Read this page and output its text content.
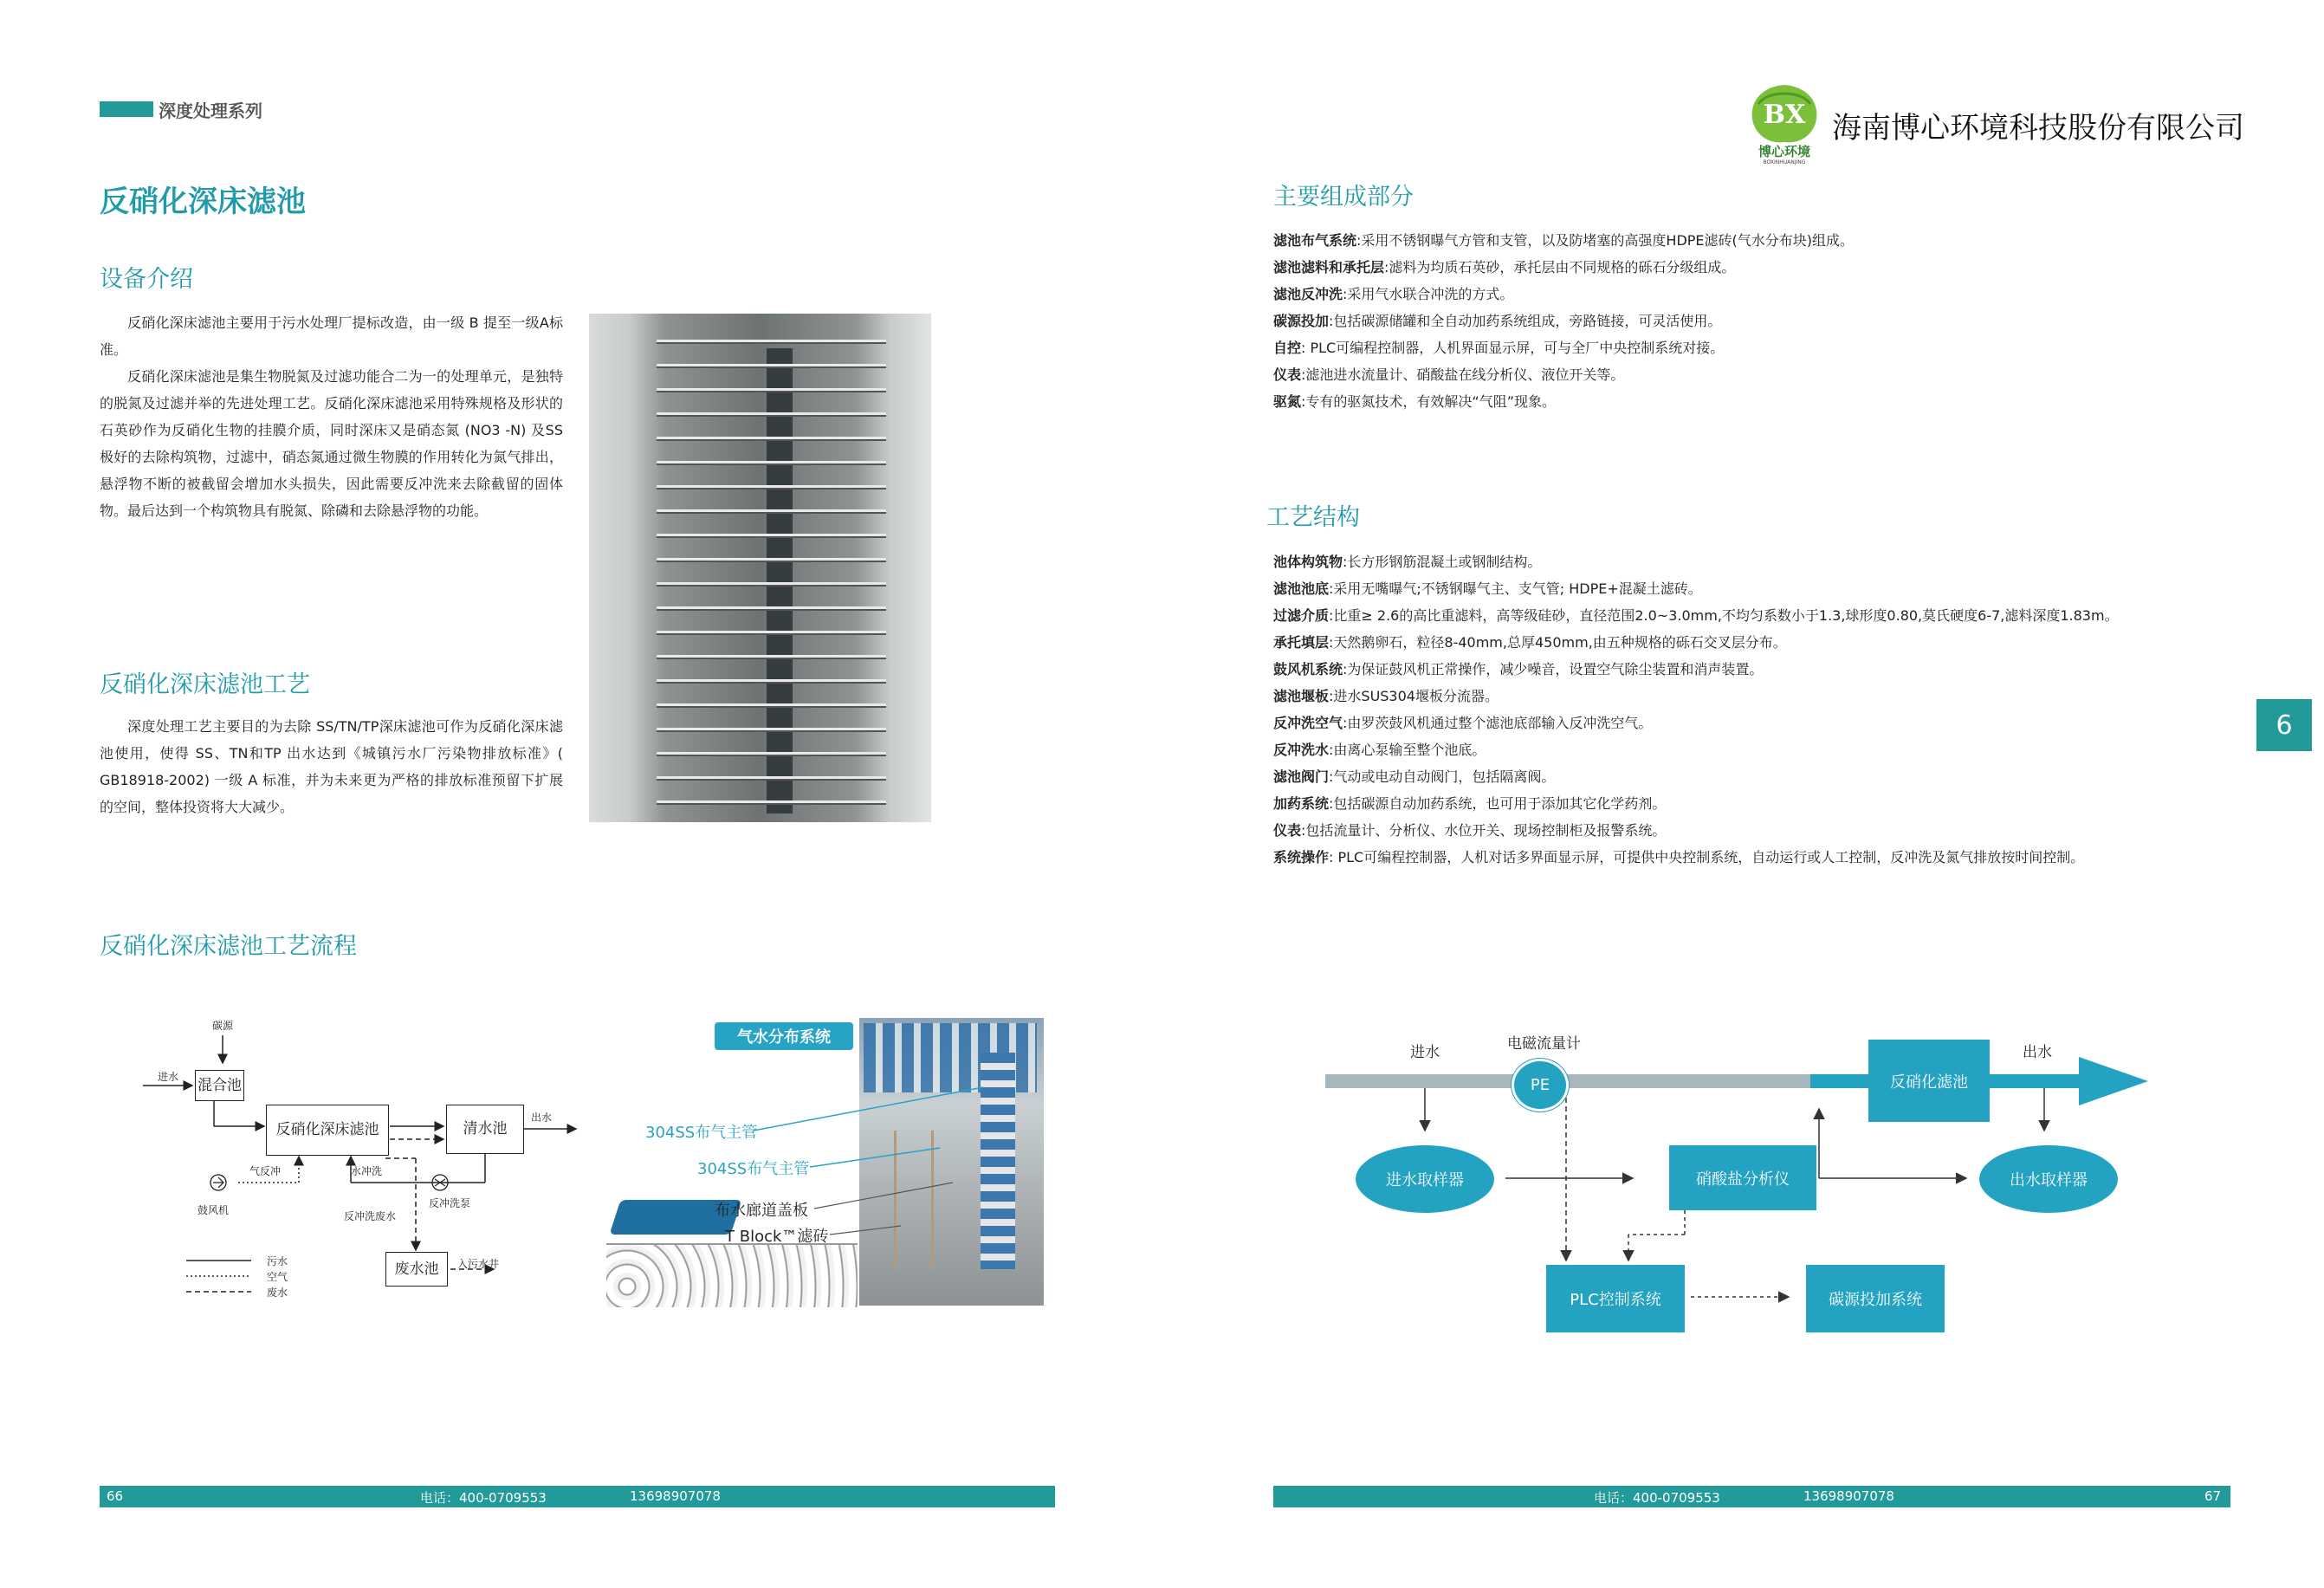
深度处理系列	BX
博心环境
BOXINHUANJING
海南博心环境科技股份有限公司
反硝化深床滤池
设备介绍

反硝化深床滤池主要用于污水处理厂提标改造，由一级 B 提至一级A标准。

反硝化深床滤池是集生物脱氮及过滤功能合二为一的处理单元，是独特的脱氮及过滤并举的先进处理工艺。反硝化深床滤池采用特殊规格及形状的石英砂作为反硝化生物的挂膜介质，同时深床又是硝态氮 (NO3 -N) 及SS 极好的去除构筑物，过滤中，硝态氮通过微生物膜的作用转化为氮气排出，悬浮物不断的被截留会增加水头损失，因此需要反冲洗来去除截留的固体物。最后达到一个构筑物具有脱氮、除磷和去除悬浮物的功能。

反硝化深床滤池工艺

深度处理工艺主要目的为去除 SS/TN/TP深床滤池可作为反硝化深床滤池使用，使得 SS、TN和TP 出水达到《城镇污水厂污染物排放标准》( GB18918-2002) 一级 A 标准，并为未来更为严格的排放标准预留下扩展的空间，整体投资将大大减少。

反硝化深床滤池工艺流程
碳源
进水 混合池
反硝化深床滤池	清水池
出水
气反冲	水冲洗
鼓风机
反冲洗泵
反冲洗废水
废水池	入污水井
污水
空气
废水
气水分布系统
304SS布气主管
304SS布气主管
布水廊道盖板
T Block™滤砖
66	电话：400-0709553	13698907078
主要组成部分
滤池布气系统:采用不锈钢曝气方管和支管，以及防堵塞的高强度HDPE滤砖(气水分布块)组成。
滤池滤料和承托层:滤料为均质石英砂，承托层由不同规格的砾石分级组成。
滤池反冲洗:采用气水联合冲洗的方式。
碳源投加:包括碳源储罐和全自动加药系统组成，旁路链接，可灵活使用。
自控: PLC可编程控制器，人机界面显示屏，可与全厂中央控制系统对接。
仪表:滤池进水流量计、硝酸盐在线分析仪、液位开关等。
驱氮:专有的驱氮技术，有效解决“气阻”现象。
工艺结构
池体构筑物:长方形钢筋混凝土或钢制结构。
滤池池底:采用无嘴曝气;不锈钢曝气主、支气管; HDPE+混凝土滤砖。
过滤介质:比重≥ 2.6的高比重滤料，高等级硅砂，直径范围2.0~3.0mm,不均匀系数小于1.3,球形度0.80,莫氏硬度6-7,滤料深度1.83m。
承托填层:天然鹅卵石，粒径8-40mm,总厚450mm,由五种规格的砾石交叉层分布。
鼓风机系统:为保证鼓风机正常操作，减少噪音，设置空气除尘装置和消声装置。
滤池堰板:进水SUS304堰板分流器。
反冲洗空气:由罗茨鼓风机通过整个滤池底部输入反冲洗空气。
反冲洗水:由离心泵输至整个池底。
滤池阀门:气动或电动自动阀门，包括隔离阀。
加药系统:包括碳源自动加药系统，也可用于添加其它化学药剂。
仪表:包括流量计、分析仪、水位开关、现场控制柜及报警系统。
系统操作: PLC可编程控制器，人机对话多界面显示屏，可提供中央控制系统，自动运行或人工控制，反冲洗及氮气排放按时间控制。
6
进水	电磁流量计
PE	反硝化滤池
出水
进水取样器	硝酸盐分析仪	出水取样器
PLC控制系统	碳源投加系统
电话：400-0709553	13698907078	67
